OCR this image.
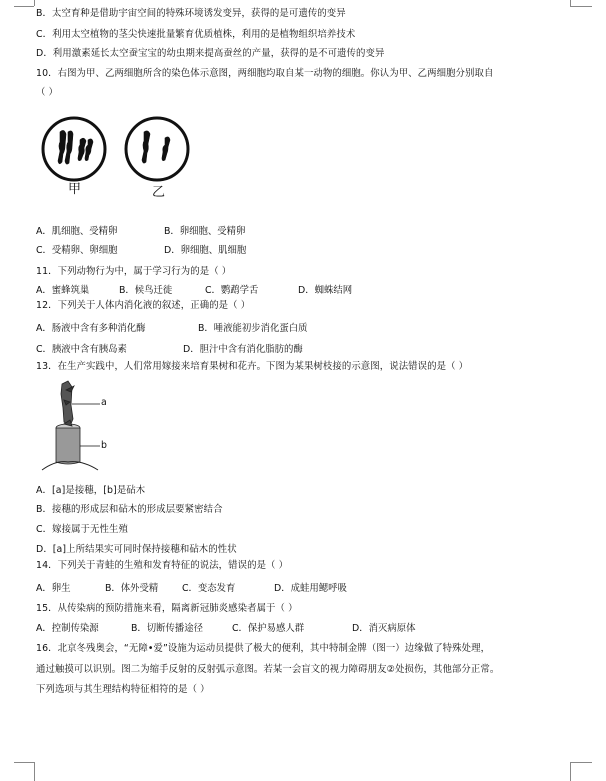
B．太空育种是借助宇宙空间的特殊环境诱发变异，获得的是可遗传的变异
C．利用太空植物的茎尖快速批量繁育优质植株，利用的是植物组织培养技术
D．利用激素延长太空蚕宝宝的幼虫期来提高蚕丝的产量，获得的是不可遗传的变异
10．右图为甲、乙两细胞所含的染色体示意图，两细胞均取自某一动物的细胞。你认为甲、乙两细胞分别取自
（ ）
甲	乙
A．肌细胞、受精卵	B．卵细胞、受精卵
C．受精卵、卵细胞	D．卵细胞、肌细胞
11．下列动物行为中，属于学习行为的是（ ）
A．蜜蜂筑巢	B．候鸟迁徙	C．鹦鹉学舌	D．蜘蛛结网
12．下列关于人体内消化液的叙述，正确的是（ ）
A．肠液中含有多种消化酶	B．唾液能初步消化蛋白质
C．胰液中含有胰岛素	D．胆汁中含有消化脂肪的酶
13．在生产实践中，人们常用嫁接来培育果树和花卉。下图为某果树枝接的示意图，说法错误的是（ ）
a
b
A．[a]是接穗，[b]是砧木
B．接穗的形成层和砧木的形成层要紧密结合
C．嫁接属于无性生殖
D．[a]上所结果实可同时保持接穗和砧木的性状
14．下列关于青蛙的生殖和发育特征的说法，错误的是（ ）
A．卵生	B．体外受精	C．变态发育	D．成蛙用鳃呼吸
15．从传染病的预防措施来看，隔离新冠肺炎感染者属于（ ）
A．控制传染源	B．切断传播途径	C．保护易感人群	D．消灭病原体
16．北京冬残奥会，“无障•爱”设施为运动员提供了极大的便利，其中特制金牌（图一）边缘做了特殊处理，
通过触摸可以识别。图二为缩手反射的反射弧示意图。若某一会盲文的视力障碍朋友②处损伤，其他部分正常。
下列选项与其生理结构特征相符的是（ ）
